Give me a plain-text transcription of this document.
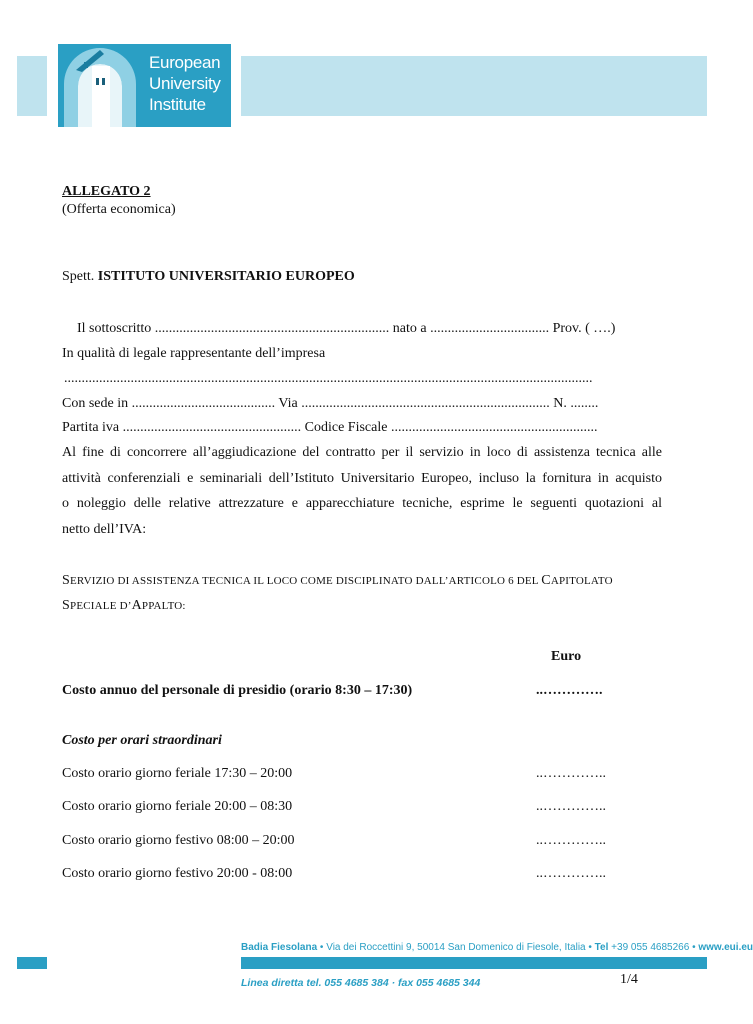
European
University
Institute
ALLEGATO 2
(Offerta economica)
Spett. ISTITUTO UNIVERSITARIO EUROPEO
Il sottoscritto ................................................................... nato a .................................. Prov. ( ….)
In qualità di legale rappresentante dell’impresa
.......................................................................................................................................................
Con sede in ......................................... Via ....................................................................... N. ........
Partita iva ................................................... Codice Fiscale ...........................................................
Al fine di concorrere all’aggiudicazione del contratto per il servizio in loco di assistenza tecnica alle
attività conferenziali e seminariali dell’Istituto Universitario Europeo, incluso la fornitura in acquisto
o noleggio delle relative attrezzature e apparecchiature tecniche, esprime le seguenti quotazioni al
netto dell’IVA:
SERVIZIO DI ASSISTENZA TECNICA IL LOCO COME DISCIPLINATO DALL’ARTICOLO 6 DEL CAPITOLATO
SPECIALE D’APPALTO:
Euro
Costo annuo del personale di presidio (orario 8:30 – 17:30)	..………….
Costo per orari straordinari
Costo orario giorno feriale 17:30 – 20:00	..…………..
Costo orario giorno feriale 20:00 – 08:30	..…………..
Costo orario giorno festivo 08:00 – 20:00	..…………..
Costo orario giorno festivo 20:00 - 08:00	..…………..
Badia Fiesolana • Via dei Roccettini 9, 50014 San Domenico di Fiesole, Italia • Tel +39 055 4685266 • www.eui.eu
Linea diretta tel. 055 4685 384 · fax 055 4685 344	1/4
